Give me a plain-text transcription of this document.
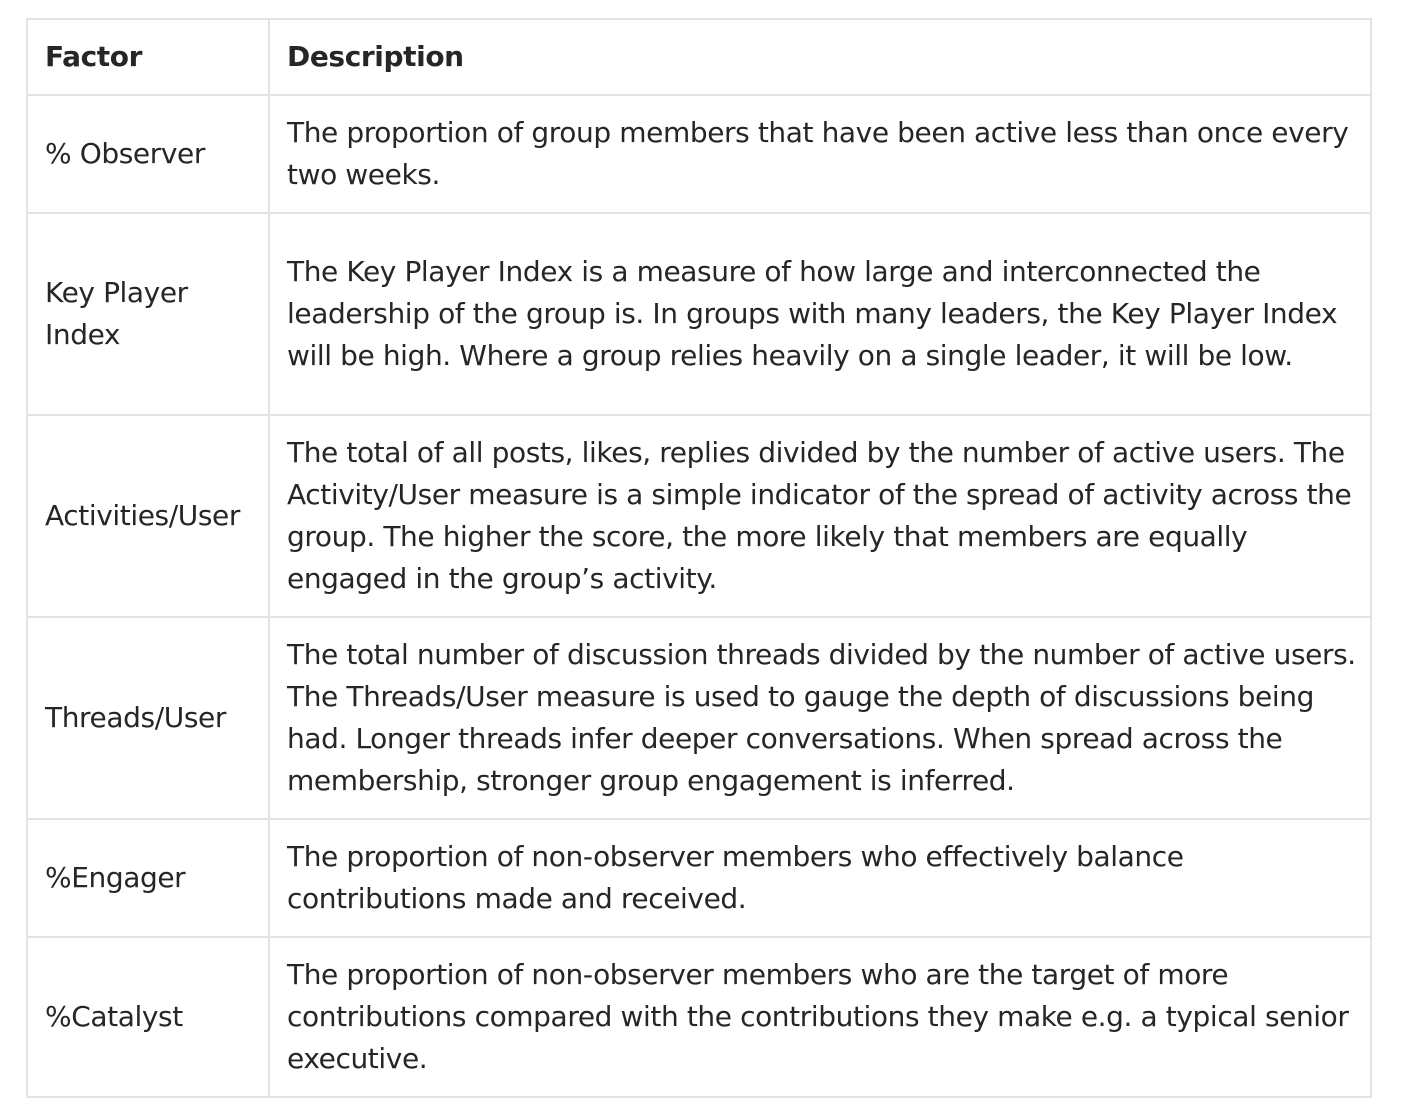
Factor	Description
% Observer	The proportion of group members that have been active less than once every two weeks.
Key Player Index	The Key Player Index is a measure of how large and interconnected the leadership of the group is. In groups with many leaders, the Key Player Index will be high. Where a group relies heavily on a single leader, it will be low.
Activities/User	The total of all posts, likes, replies divided by the number of active users. The Activity/User measure is a simple indicator of the spread of activity across the group. The higher the score, the more likely that members are equally engaged in the group’s activity.
Threads/User	The total number of discussion threads divided by the number of active users. The Threads/User measure is used to gauge the depth of discussions being had. Longer threads infer deeper conversations. When spread across the membership, stronger group engagement is inferred.
%Engager	The proportion of non-observer members who effectively balance contributions made and received.
%Catalyst	The proportion of non-observer members who are the target of more contributions compared with the contributions they make e.g. a typical senior executive.
